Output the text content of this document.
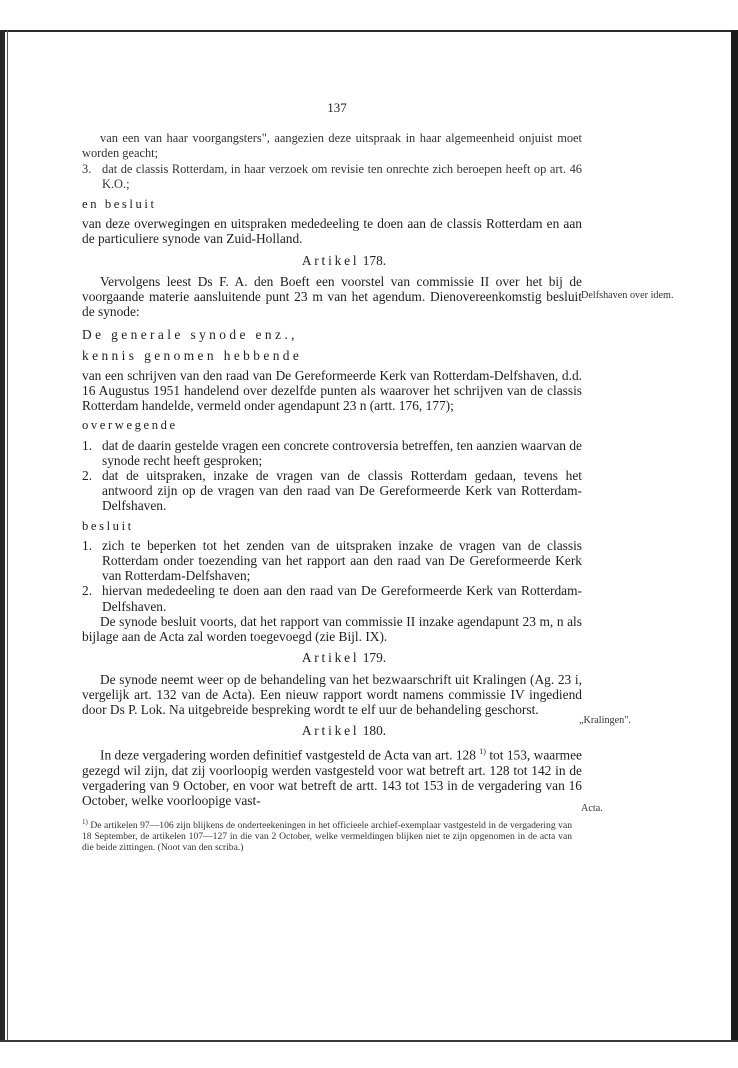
137

van een van haar voorgangsters", aangezien deze uitspraak in haar algemeenheid onjuist moet worden geacht;

3. dat de classis Rotterdam, in haar verzoek om revisie ten onrechte zich beroepen heeft op art. 46 K.O.;
en besluit

van deze overwegingen en uitspraken mededeeling te doen aan de classis Rotterdam en aan de particuliere synode van Zuid-Holland.

Artikel 178.

Vervolgens leest Ds F. A. den Boeft een voorstel van commissie II over het bij de voorgaande materie aansluitende punt 23 m van het agendum. Dienovereenkomstig besluit de synode:

De generale synode enz.,
kennis genomen hebbende

van een schrijven van den raad van De Gereformeerde Kerk van Rotterdam-Delfshaven, d.d. 16 Augustus 1951 handelend over dezelfde punten als waarover het schrijven van de classis Rotterdam handelde, vermeld onder agendapunt 23 n (artt. 176, 177);

overwegende
1. dat de daarin gestelde vragen een concrete controversia betreffen, ten aanzien waarvan de synode recht heeft gesproken;
2. dat de uitspraken, inzake de vragen van de classis Rotterdam gedaan, tevens het antwoord zijn op de vragen van den raad van De Gereformeerde Kerk van Rotterdam-Delfshaven.
besluit
1. zich te beperken tot het zenden van de uitspraken inzake de vragen van de classis Rotterdam onder toezending van het rapport aan den raad van De Gereformeerde Kerk van Rotterdam-Delfshaven;
2. hiervan mededeeling te doen aan den raad van De Gereformeerde Kerk van Rotterdam-Delfshaven.

De synode besluit voorts, dat het rapport van commissie II inzake agendapunt 23 m, n als bijlage aan de Acta zal worden toegevoegd (zie Bijl. IX).

Artikel 179.

De synode neemt weer op de behandeling van het bezwaarschrift uit Kralingen (Ag. 23 i, vergelijk art. 132 van de Acta). Een nieuw rapport wordt namens commissie IV ingediend door Ds P. Lok. Na uitgebreide bespreking wordt te elf uur de behandeling geschorst.

Artikel 180.

In deze vergadering worden definitief vastgesteld de Acta van art. 128 $^{1)}$ tot 153, waarmee gezegd wil zijn, dat zij voorloopig werden vastgesteld voor wat betreft art. 128 tot 142 in de vergadering van 9 October, en voor wat betreft de artt. 143 tot 153 in de vergadering van 16 October, welke voorloopige vast-

$^{1)}$ De artikelen 97—106 zijn blijkens de onderteekeningen in het officieele archief-exemplaar vastgesteld in de vergadering van 18 September, de artikelen 107—127 in die van 2 October, welke vermeldingen blijken niet te zijn opgenomen in de acta van die beide zittingen. (Noot van den scriba.)
Delfshaven over idem.
„Kralingen".
Acta.
